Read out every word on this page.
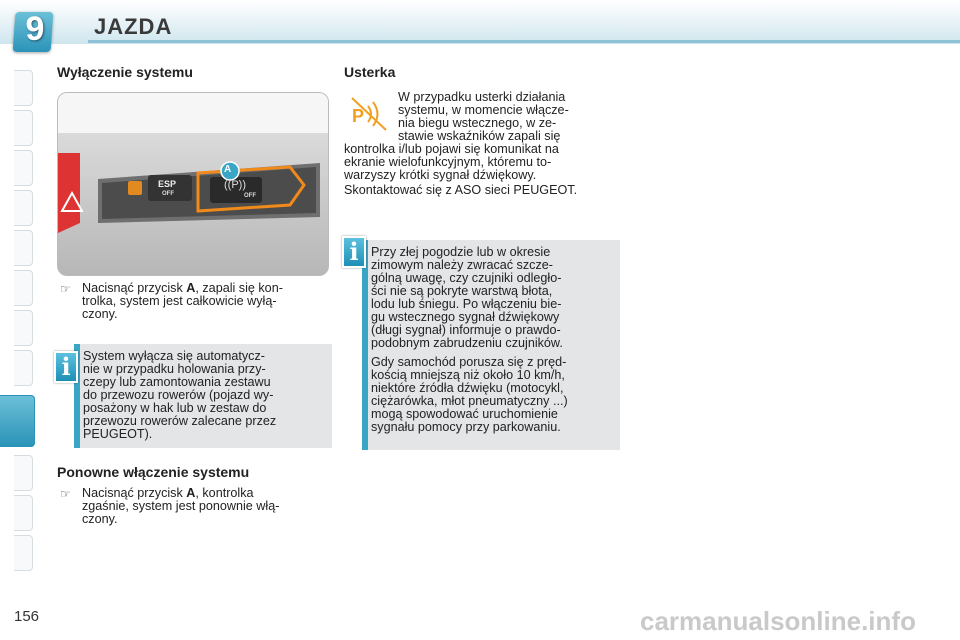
9	JAZDA
Wyłączenie systemu
A
ESP
OFF	OFF
((P))
☞ Nacisnąć przycisk A, zapali się kon-
trolka, system jest całkowicie wyłą-
czony.
i System wyłącza się automatycz-
nie w przypadku holowania przy-
czepy lub zamontowania zestawu
do przewozu rowerów (pojazd wy-
posażony w hak lub w zestaw do
przewozu rowerów zalecane przez
PEUGEOT).
Ponowne włączenie systemu
☞ Nacisnąć przycisk A, kontrolka
zgaśnie, system jest ponownie włą-
czony.
Usterka
P
W przypadku usterki działania
systemu, w momencie włącze-
nia biegu wstecznego, w ze-
stawie wskaźników zapali się
kontrolka i/lub pojawi się komunikat na
ekranie wielofunkcyjnym, któremu to-
warzyszy krótki sygnał dźwiękowy.
Skontaktować się z ASO sieci PEUGEOT.
i Przy złej pogodzie lub w okresie
zimowym należy zwracać szcze-
gólną uwagę, czy czujniki odległo-
ści nie są pokryte warstwą błota,
lodu lub śniegu. Po włączeniu bie-
gu wstecznego sygnał dźwiękowy
(długi sygnał) informuje o prawdo-
podobnym zabrudzeniu czujników.
Gdy samochód porusza się z pręd-
kością mniejszą niż około 10 km/h,
niektóre źródła dźwięku (motocykl,
ciężarówka, młot pneumatyczny ...)
mogą spowodować uruchomienie
sygnału pomocy przy parkowaniu.
156	carmanualsonline.info
